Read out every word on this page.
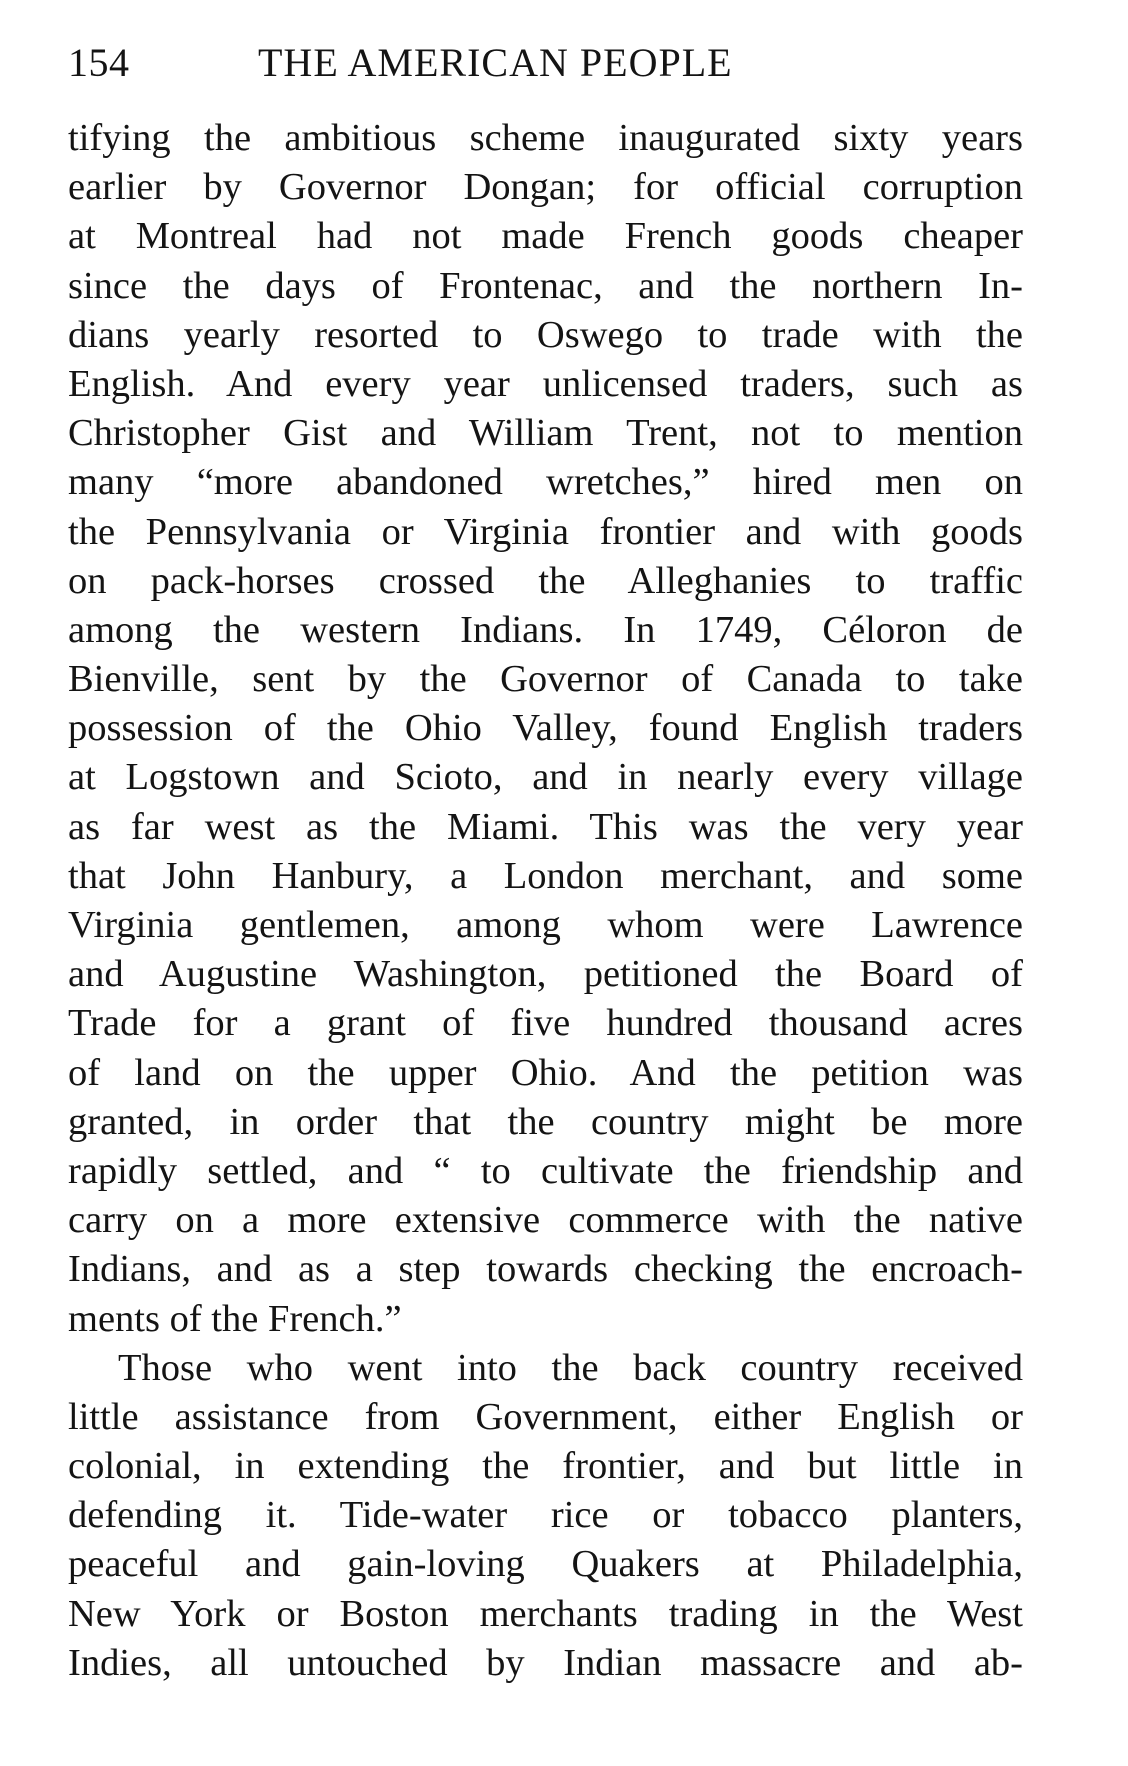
154	THE AMERICAN PEOPLE
tifying the ambitious scheme inaugurated sixty years
earlier by Governor Dongan; for official corruption
at Montreal had not made French goods cheaper
since the days of Frontenac, and the northern In-
dians yearly resorted to Oswego to trade with the
English. And every year unlicensed traders, such as
Christopher Gist and William Trent, not to mention
many “more abandoned wretches,” hired men on
the Pennsylvania or Virginia frontier and with goods
on pack-horses crossed the Alleghanies to traffic
among the western Indians. In 1749, Céloron de
Bienville, sent by the Governor of Canada to take
possession of the Ohio Valley, found English traders
at Logstown and Scioto, and in nearly every village
as far west as the Miami. This was the very year
that John Hanbury, a London merchant, and some
Virginia gentlemen, among whom were Lawrence
and Augustine Washington, petitioned the Board of
Trade for a grant of five hundred thousand acres
of land on the upper Ohio. And the petition was
granted, in order that the country might be more
rapidly settled, and “ to cultivate the friendship and
carry on a more extensive commerce with the native
Indians, and as a step towards checking the encroach-
ments of the French.”
Those who went into the back country received
little assistance from Government, either English or
colonial, in extending the frontier, and but little in
defending it. Tide-water rice or tobacco planters,
peaceful and gain-loving Quakers at Philadelphia,
New York or Boston merchants trading in the West
Indies, all untouched by Indian massacre and ab-
